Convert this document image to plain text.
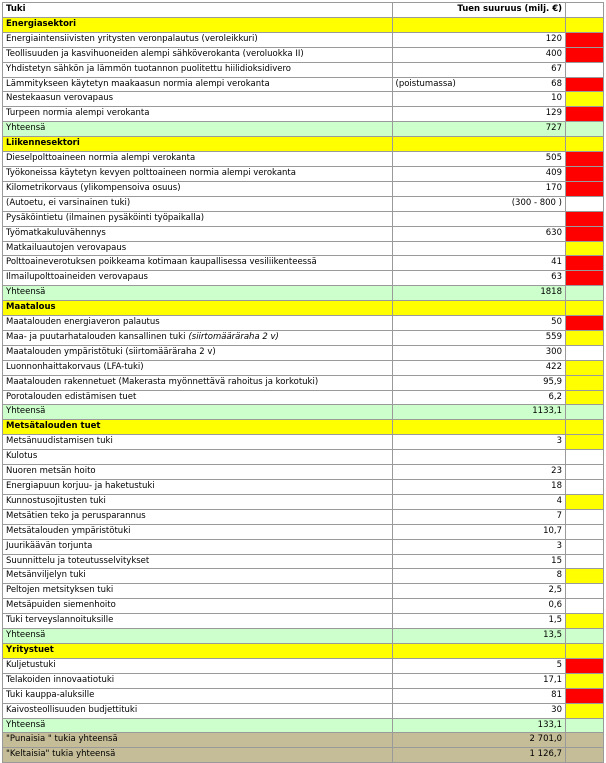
Tuki	Tuen suuruus (milj. €)	
Energiasektori		
Energiaintensiivisten yritysten veronpalautus (veroleikkuri)	120	
Teollisuuden ja kasvihuoneiden alempi sähköverokanta (veroluokka II)	400	
Yhdistetyn sähkön ja lämmön tuotannon puolitettu hiilidioksidivero	67	
Lämmitykseen käytetyn maakaasun normia alempi verokanta (poistumassa)	68	
Nestekaasun verovapaus	10	
Turpeen normia alempi verokanta	129	
Yhteensä	727	
Liikennesektori		
Dieselpolttoaineen normia alempi verokanta	505	
Työkoneissa käytetyn kevyen polttoaineen normia alempi verokanta	409	
Kilometrikorvaus (ylikompensoiva osuus)	170	
(Autoetu, ei varsinainen tuki)	(300 - 800 )	
Pysäköintietu (ilmainen pysäköinti työpaikalla)		
Työmatkakuluvähennys	630	
Matkailuautojen verovapaus		
Polttoaineverotuksen poikkeama kotimaan kaupallisessa vesiliikenteessä	41	
Ilmailupolttoaineiden verovapaus	63	
Yhteensä	1818	
Maatalous		
Maatalouden energiaveron palautus	50	
Maa- ja puutarhatalouden kansallinen tuki (siirtomääräraha 2 v)	559	
Maatalouden ympäristötuki (siirtomääräraha 2 v)	300	
Luonnonhaittakorvaus (LFA-tuki)	422	
Maatalouden rakennetuet (Makerasta myönnettävä rahoitus ja korkotuki)	95,9	
Porotalouden edistämisen tuet	6,2	
Yhteensä	1133,1	
Metsätalouden tuet		
Metsänuudistamisen tuki	3	
Kulotus		
Nuoren metsän hoito	23	
Energiapuun korjuu- ja haketustuki	18	
Kunnostusojitusten tuki	4	
Metsätien teko ja perusparannus	7	
Metsätalouden ympäristötuki	10,7	
Juurikäävän torjunta	3	
Suunnittelu ja toteutusselvitykset	15	
Metsänviljelyn tuki	8	
Peltojen metsityksen tuki	2,5	
Metsäpuiden siemenhoito	0,6	
Tuki terveyslannoituksille	1,5	
Yhteensä	13,5	
Yritystuet		
Kuljetustuki	5	
Telakoiden innovaatiotuki	17,1	
Tuki kauppa-aluksille	81	
Kaivosteollisuuden budjettituki	30	
Yhteensä	133,1	
"Punaisia " tukia yhteensä	2 701,0	
"Keltaisia" tukia yhteensä	1 126,7	
